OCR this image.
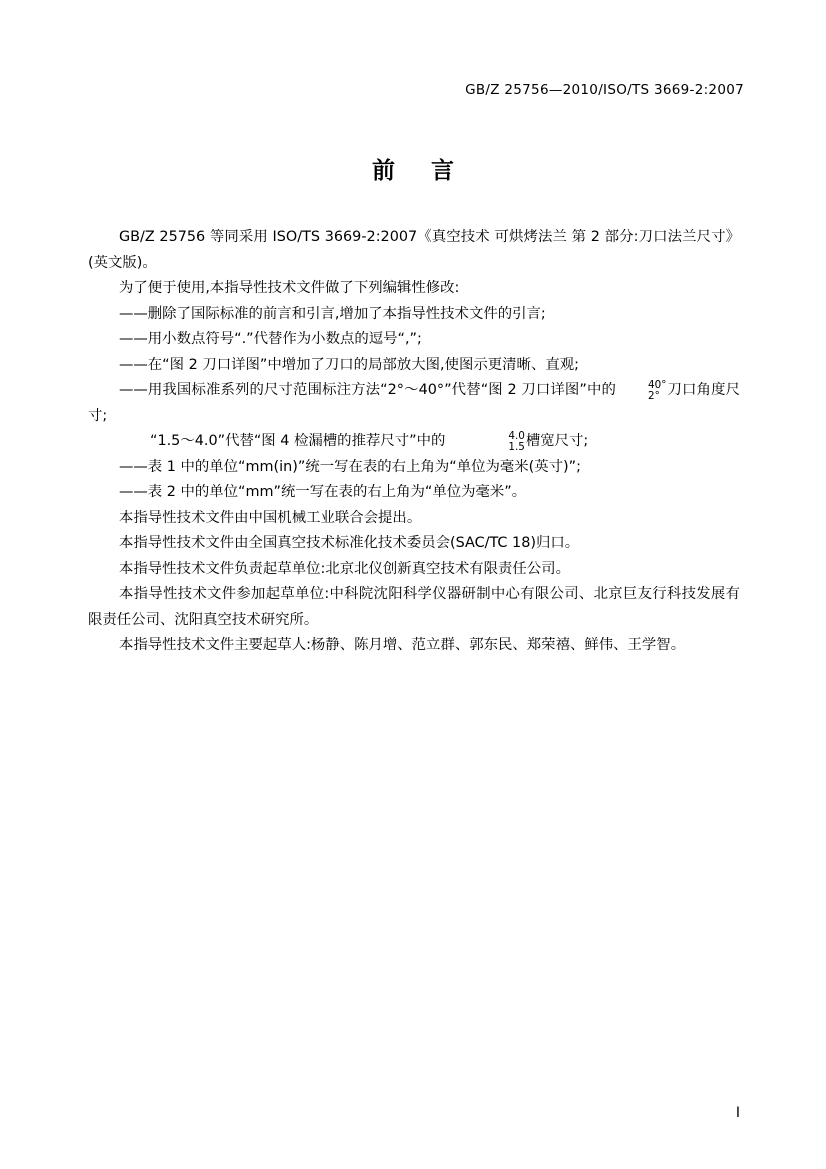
GB/Z 25756—2010/ISO/TS 3669-2:2007
前 言

GB/Z 25756 等同采用 ISO/TS 3669-2:2007《真空技术 可烘烤法兰 第 2 部分:刀口法兰尺寸》(英文版)。

为了便于使用,本指导性技术文件做了下列编辑性修改:

——删除了国际标准的前言和引言,增加了本指导性技术文件的引言;

——用小数点符号“.”代替作为小数点的逗号“,”;

——在“图 2 刀口详图”中增加了刀口的局部放大图,使图示更清晰、直观;

——用我国标准系列的尺寸范围标注方法“2°～40°”代替“图 2 刀口详图”中的	40°
2° 刀口角度尺寸;

“1.5～4.0”代替“图 4 检漏槽的推荐尺寸”中的	4.0
1.5 槽宽尺寸;

——表 1 中的单位“mm(in)”统一写在表的右上角为“单位为毫米(英寸)”;

——表 2 中的单位“mm”统一写在表的右上角为“单位为毫米”。

本指导性技术文件由中国机械工业联合会提出。

本指导性技术文件由全国真空技术标准化技术委员会(SAC/TC 18)归口。

本指导性技术文件负责起草单位:北京北仪创新真空技术有限责任公司。

本指导性技术文件参加起草单位:中科院沈阳科学仪器研制中心有限公司、北京巨友行科技发展有限责任公司、沈阳真空技术研究所。

本指导性技术文件主要起草人:杨静、陈月增、范立群、郭东民、郑荣禧、鲜伟、王学智。

I
